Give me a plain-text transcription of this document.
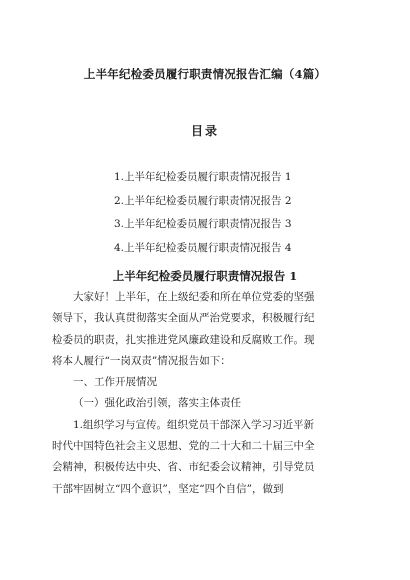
上半年纪检委员履行职责情况报告汇编（4篇）
目录
1.上半年纪检委员履行职责情况报告 1
2.上半年纪检委员履行职责情况报告 2
3.上半年纪检委员履行职责情况报告 3
4.上半年纪检委员履行职责情况报告 4
上半年纪检委员履行职责情况报告 1
大家好！上半年，在上级纪委和所在单位党委的坚强
领导下，我认真贯彻落实全面从严治党要求，积极履行纪
检委员的职责，扎实推进党风廉政建设和反腐败工作。现
将本人履行“一岗双责”情况报告如下：
一、工作开展情况
（一）强化政治引领，落实主体责任
1.组织学习与宣传。组织党员干部深入学习习近平新
时代中国特色社会主义思想、党的二十大和二十届三中全
会精神，积极传达中央、省、市纪委会议精神，引导党员
干部牢固树立“四个意识”，坚定“四个自信”，做到
